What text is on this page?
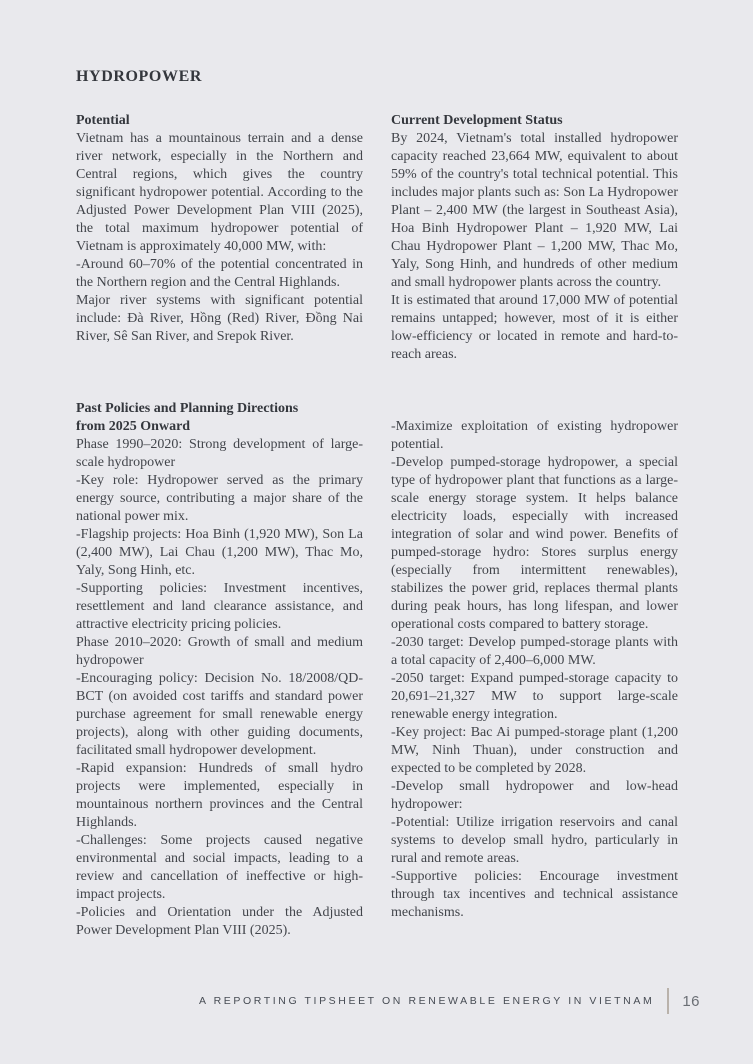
HYDROPOWER
Potential

Vietnam has a mountainous terrain and a dense river network, especially in the Northern and Central regions, which gives the country significant hydropower potential. According to the Adjusted Power Development Plan VIII (2025), the total maximum hydropower potential of Vietnam is approximately 40,000 MW, with:

-Around 60–70% of the potential concentrated in the Northern region and the Central Highlands.

Major river systems with significant potential include: Đà River, Hồng (Red) River, Đồng Nai River, Sê San River, and Srepok River.

Current Development Status

By 2024, Vietnam's total installed hydropower capacity reached 23,664 MW, equivalent to about 59% of the country's total technical potential. This includes major plants such as: Son La Hydropower Plant – 2,400 MW (the largest in Southeast Asia), Hoa Binh Hydropower Plant – 1,920 MW, Lai Chau Hydropower Plant – 1,200 MW, Thac Mo, Yaly, Song Hinh, and hundreds of other medium and small hydropower plants across the country.

It is estimated that around 17,000 MW of potential remains untapped; however, most of it is either low-efficiency or located in remote and hard-to-reach areas.

Past Policies and Planning Directions
from 2025 Onward

Phase 1990–2020: Strong development of large-scale hydropower

-Key role: Hydropower served as the primary energy source, contributing a major share of the national power mix.

-Flagship projects: Hoa Binh (1,920 MW), Son La (2,400 MW), Lai Chau (1,200 MW), Thac Mo, Yaly, Song Hinh, etc.

-Supporting policies: Investment incentives, resettlement and land clearance assistance, and attractive electricity pricing policies.

Phase 2010–2020: Growth of small and medium hydropower

-Encouraging policy: Decision No. 18/2008/QD-BCT (on avoided cost tariffs and standard power purchase agreement for small renewable energy projects), along with other guiding documents, facilitated small hydropower development.

-Rapid expansion: Hundreds of small hydro projects were implemented, especially in mountainous northern provinces and the Central Highlands.

-Challenges: Some projects caused negative environmental and social impacts, leading to a review and cancellation of ineffective or high-impact projects.

-Policies and Orientation under the Adjusted Power Development Plan VIII (2025).

-Maximize exploitation of existing hydropower potential.

-Develop pumped-storage hydropower, a special type of hydropower plant that functions as a large-scale energy storage system. It helps balance electricity loads, especially with increased integration of solar and wind power. Benefits of pumped-storage hydro: Stores surplus energy (especially from intermittent renewables), stabilizes the power grid, replaces thermal plants during peak hours, has long lifespan, and lower operational costs compared to battery storage.

-2030 target: Develop pumped-storage plants with a total capacity of 2,400–6,000 MW.

-2050 target: Expand pumped-storage capacity to 20,691–21,327 MW to support large-scale renewable energy integration.

-Key project: Bac Ai pumped-storage plant (1,200 MW, Ninh Thuan), under construction and expected to be completed by 2028.

-Develop small hydropower and low-head hydropower:

-Potential: Utilize irrigation reservoirs and canal systems to develop small hydro, particularly in rural and remote areas.

-Supportive policies: Encourage investment through tax incentives and technical assistance mechanisms.

A REPORTING TIPSHEET ON RENEWABLE ENERGY IN VIETNAM 16
